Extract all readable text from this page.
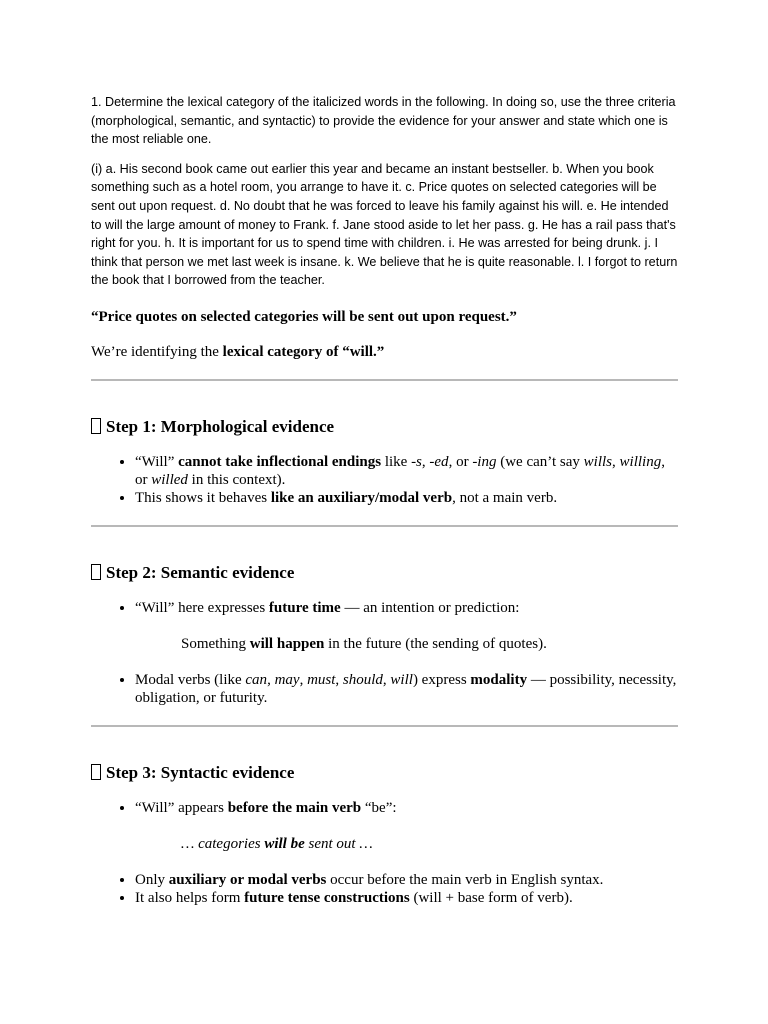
1. Determine the lexical category of the italicized words in the following. In doing so, use the three criteria (morphological, semantic, and syntactic) to provide the evidence for your answer and state which one is the most reliable one.

(i) a. His second book came out earlier this year and became an instant bestseller. b. When you book something such as a hotel room, you arrange to have it. c. Price quotes on selected categories will be sent out upon request. d. No doubt that he was forced to leave his family against his will. e. He intended to will the large amount of money to Frank. f. Jane stood aside to let her pass. g. He has a rail pass that's right for you. h. It is important for us to spend time with children. i. He was arrested for being drunk. j. I think that person we met last week is insane. k. We believe that he is quite reasonable. l. I forgot to return the book that I borrowed from the teacher.

“Price quotes on selected categories will be sent out upon request.”

We’re identifying the lexical category of “will.”

Step 1: Morphological evidence
• “Will” cannot take inflectional endings like -s, -ed, or -ing (we can’t say wills, willing, or willed in this context).
• This shows it behaves like an auxiliary/modal verb, not a main verb.
Step 2: Semantic evidence
• “Will” here expresses future time — an intention or prediction:

Something will happen in the future (the sending of quotes).

• Modal verbs (like can, may, must, should, will) express modality — possibility, necessity, obligation, or futurity.
Step 3: Syntactic evidence
• “Will” appears before the main verb “be”:

… categories will be sent out …

• Only auxiliary or modal verbs occur before the main verb in English syntax.
• It also helps form future tense constructions (will + base form of verb).
